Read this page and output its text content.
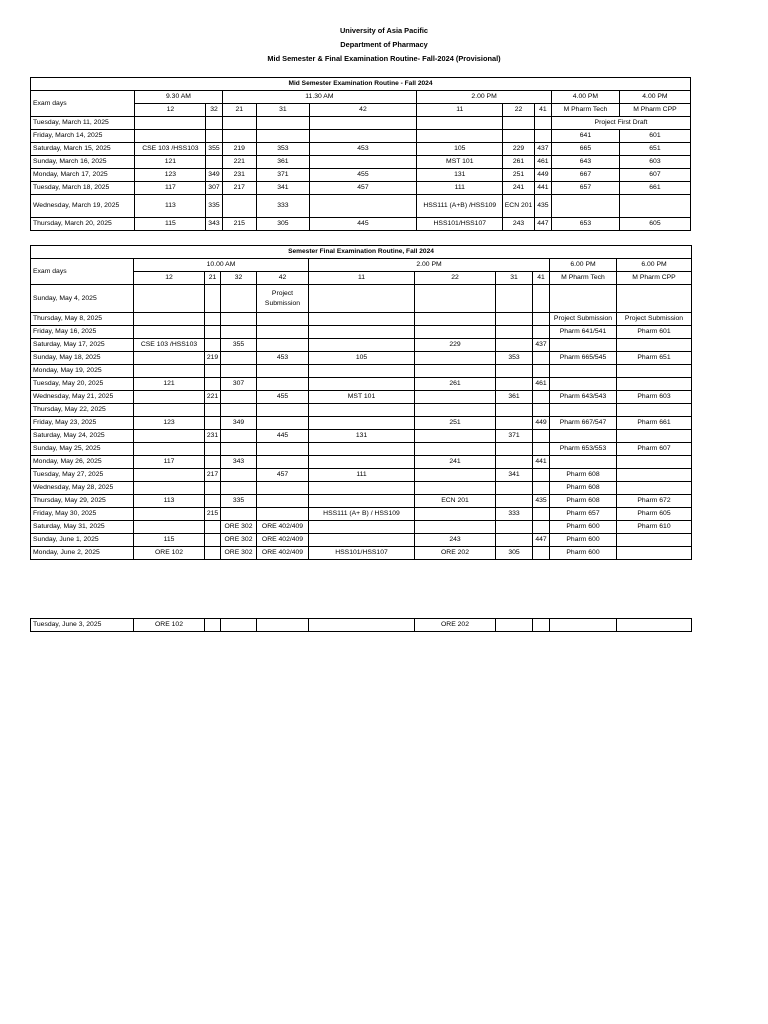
University of Asia Pacific
Department of Pharmacy
Mid Semester & Final Examination Routine- Fall-2024 (Provisional)
Mid Semester Examination Routine - Fall 2024										
Exam days	9.30 AM		11.30 AM			2.00 PM			4.00 PM	4.00 PM
	12	32	21	31	42	11	22	41	M Pharm Tech	M Pharm CPP
Tuesday, March 11, 2025									Project First Draft	
Friday, March 14, 2025									641	601
Saturday, March 15, 2025	CSE 103 /HSS103	355	219	353	453	105	229	437	665	651
Sunday, March 16, 2025	121		221	361		MST 101	261	461	643	603
Monday, March 17, 2025	123	349	231	371	455	131	251	449	667	607
Tuesday, March 18, 2025	117	307	217	341	457	111	241	441	657	661
Wednesday, March 19, 2025	113	335		333		HSS111 (A+B) /HSS109	ECN 201	435		
Thursday, March 20, 2025	115	343	215	305	445	HSS101/HSS107	243	447	653	605
Semester Final Examination Routine, Fall 2024										
Exam days	10.00 AM				2.00 PM				6.00 PM	6.00 PM
	12	21	32	42	11	22	31	41	M Pharm Tech	M Pharm CPP
Sunday, May 4, 2025				Project Submission						
Thursday, May 8, 2025									Project Submission	Project Submission
Friday, May 16, 2025									Pharm 641/541	Pharm 601
Saturday, May 17, 2025	CSE 103 /HSS103		355			229		437		
Sunday, May 18, 2025		219		453	105		353		Pharm 665/545	Pharm 651
Monday, May 19, 2025										
Tuesday, May 20, 2025	121		307			261		461		
Wednesday, May 21, 2025		221		455	MST 101		361		Pharm 643/543	Pharm 603
Thursday, May 22, 2025										
Friday, May 23, 2025	123		349			251		449	Pharm 667/547	Pharm 661
Saturday, May 24, 2025		231		445	131		371			
Sunday, May 25, 2025									Pharm 653/553	Pharm 607
Monday, May 26, 2025	117		343			241		441		
Tuesday, May 27, 2025		217		457	111		341		Pharm 608	
Wednesday, May 28, 2025									Pharm 608	
Thursday, May 29, 2025	113		335			ECN 201		435	Pharm 608	Pharm 672
Friday, May 30, 2025		215			HSS111 (A+ B) / HSS109		333		Pharm 657	Pharm 605
Saturday, May 31, 2025			ORE 302	ORE 402/409					Pharm 600	Pharm 610
Sunday, June 1, 2025	115		ORE 302	ORE 402/409		243		447	Pharm 600	
Monday, June 2, 2025	ORE 102		ORE 302	ORE 402/409	HSS101/HSS107	ORE 202	305		Pharm 600	
Tuesday, June 3, 2025	ORE 102					ORE 202				
